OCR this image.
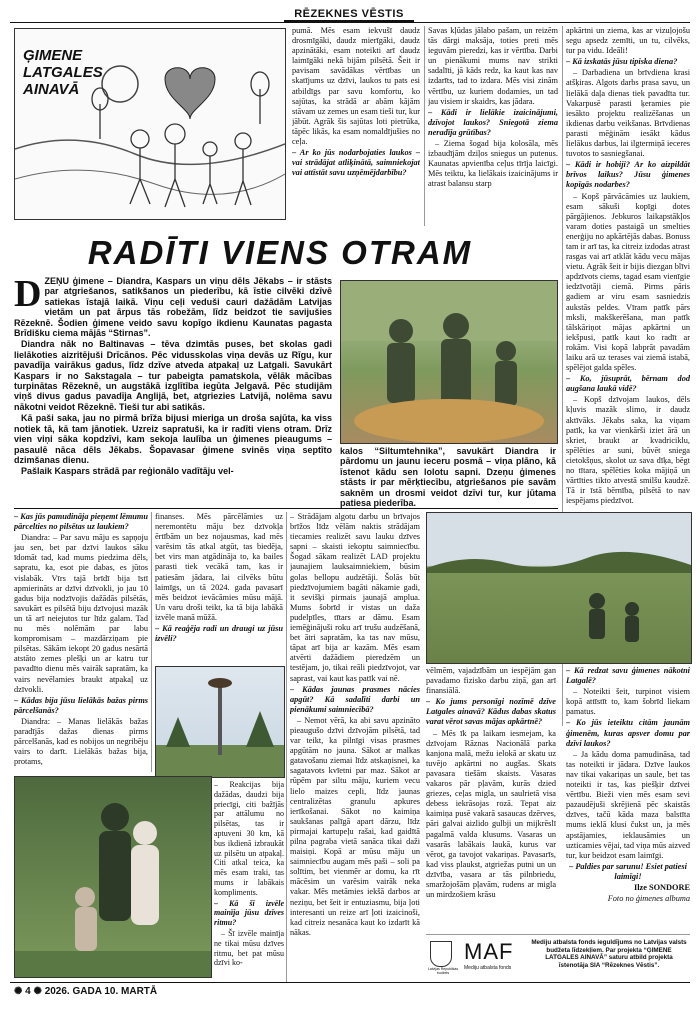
RĒZEKNES VĒSTIS
ĢIMENE
LATGALES
AINAVĀ

pumā. Mēs esam iekvušī daudz drosmīgāki, daudz mierīgāki, daudz apzinātāki, esam noteikti arī daudz laimīgāki nekā bijām pilsētā. Šeit ir pavisam savādākas vērtības un skatījums uz dzīvi, laukos tu pats esi atbildīgs par savu komfortu, ko sajūtas, ka strādā ar abām kājām stāvam uz zemes un esam tieši tur, kur jābūt. Agrāk šis sajūtas loti pietrūka, tāpēc likās, ka esam nomaldījušies no ceļa.

– Ar ko jūs nodarbojaties laukos – vai strādājat atliķinātā, saimniekojat vai attīstāt savu uzņēmējdarbību?

Savas kļūdas jālabo pašam, un reizēm tās dārgi maksāja, toties preti mēs ieguvām pieredzi, kas ir vērtība. Darbi un pienākumi mums nav strikti sadalīti, jā kāds redz, ka kaut kas nav izdarīts, tad to izdara. Mēs visi zinām vērtību, uz kuriem dodamies, un tad jau visiem ir skaidrs, kas jādara.

– Kādi ir lielākie izaicinājumi, dzīvojot laukos? Sniegotā ziema neradīja grūtības?

– Ziema šogad bija kolosāla, mēs izbaudījām dziļos sniegus un putenus. Kaunatas apvienība ceļus tīrīja laicīgi. Mēs teiktu, ka lielākais izaicinājums ir atrast balansu starp

apkārtni un ziema, kas ar vizuļojošu segu apsedz zemīti, un tu, cilvēks, tur pa vidu. Ideāli!

– Kā izskatās jūsu tipiska diena?

– Darbadiena un brīvdiena krasi atšķiras. Algots darbs prasa savu, un lielākā daļa dienas tiek pavadīta tur. Vakarpusē parasti ķeramies pie iesākto projektu realizēšanas un ikdienas darbu veikšanas. Brīvdienas parasti mēģinām iesākt kādus lielākus darbus, lai ilgtermiņā ieceres tuvotos to sasniegšanai.

– Kādi ir hobiji? Ar ko aizpildāt brīvos laikus? Jūsu ģimenes kopīgās nodarbes?

– Kopš pārvācāmies uz laukiem, esam sākuši kopīgi dotes pārgājienos. Jebkuros laikapstākļos varam doties pastaigā un smelties enerģiju no apkārtējās dabas. Bonuss tam ir arī tas, ka citreiz izdodas atrast rasgas vai arī atklāt kādu vecu mājas vietu. Agrāk šeit ir bijis diezgan blīvi apdzīvots ciems, tagad esam vienīgie iedzīvotāji ciemā. Pirms pāris gadiem ar viru esam sasniedzis aukstās peldes. Vīram patīk pārs mksli, makškerēšana, man patīk tālskāriņot mājas apkārtni un iekšpusi, patīk kaut ko radīt ar rokām. Visi kopā labprāt pavadām laiku arā uz terases vai ziemā istabā, spēlējot galda spēles.

– Ko, jūsuprāt, bērnam dod augšana laukā vidē?

– Kopš dzīvojam laukos, dēls kļuvis mazāk slimo, ir daudz aktīvāks. Jēkabs saka, ka viņam patīk, ka var vienkārši iziet ārā un skriet, braukt ar kvadriciklu, spēlēties ar suni, būvēt sniega cietokšņus, skolot uz sava dīķa, bēgt no tītara, spēlēties koka mājiņā un vārtīties tikto atvestā smilšu kaudzē. Tā ir īstā bērnība, pilsētā to nav iespējams piedzīvot.

RADĪTI VIENS OTRAM
D ZEŅU ģimene – Diandra, Kaspars un viņu dēls Jēkabs – ir stāsts par atgriešanos, satikšanos un piederību, kā īstie cilvēki dzīvē satiekas īstajā laikā. Viņu ceļi veduši cauri dažādām Latvijas vietām un pat ārpus tās robežām, līdz beidzot tie savijušies Rēzeknē. Šodien ģimene veido savu kopīgo ikdienu Kaunatas pagasta Brīdišku ciema mājās “Stirnas”.

Diandra nāk no Baltinavas – tēva dzimtās puses, bet skolas gadi lielākoties aizritējuši Drīcānos. Pēc vidusskolas viņa devās uz Rīgu, kur pavadīja vairākus gadus, līdz dzīve atveda atpakaļ uz Latgali. Savukārt Kaspars ir no Sakstagala – tur pabeigta pamatskola, vēlāk mācības turpinātas Rēzeknē, un augstākā izglītība iegūta Jelgavā. Pēc studijām viņš divus gadus pavadīja Anglijā, bet, atgriezies Latvijā, nolēma savu nākotni veidot Rēzeknē. Tieši tur abi satikās.

Kā paši saka, jau no pirmā brīža bijusi mieriga un droša sajūta, ka viss notiek tā, kā tam jānotiek. Uzreiz sapratuši, ka ir radīti viens otram. Drīz vien viņi sāka kopdzīvi, kam sekoja laulība un ģimenes pieaugums – pasaulē nāca dēls Jēkabs. Šopavasar ģimene svinēs viņa septīto dzimšanas dienu.

Pašlaik Kaspars strādā par reģionālo vadītāju vel-

kalos “Siltumtehnika”, savukārt Diandra ir pārdomu un jaunu ieceru posmā – viņa plāno, kā īstenot kādu sen lolotu sapni. Dzeņu ģimenes stāsts ir par mērķtiecību, atgriešanos pie savām saknēm un drosmi veidot dzīvi tur, kur jūtama patiesa piederība.

– Kas jūs pamudināja pieņemt lēmumu pārcelties no pilsētas uz laukiem?

Diandra: – Par savu māju es sapņoju jau sen, bet par dzīvi laukos sāku īdomāt tad, kad mums piedzima dēls, sapratu, ka, esot pie dabas, es jūtos vislabāk. Vīrs tajā brīdī bija īstī apmierināts ar dzīvi dzīvokli, jo jau 10 gadus bija nodzīvojis dažādās pilsētās, savukārt es pilsētā biju dzīvojusi mazāk un tā arī neiejutos tur līdz galam. Tad nu mēs nolēmām par labu kompromisam – mazdārziņam pie pilsētas. Sākām iekopt 20 gadus nesārtā atstāto zemes plešķi un ar katru tur pavadīto dienu mēs vairāk sapratām, ka vairs nevēlamies braukt atpakaļ uz dzīvokli.

– Kādas bija jūsu lielākās bažas pirms pārcelšanās?

Diandra: – Manas lielākās bažas paradījās dažas dienas pirms pārcelšanās, kad es nobijos un negribēju vairs to darīt. Lielākās bažas bija, protams,

finanses. Mēs pārcēlāmies uz neremontētu māju bez dzīvokļa ērtībām un bez nojausmas, kad mēs varēsim tās atkal atgūt, tas biedēja, bet virs man atgādināja to, ka bailes parasti tiek vecākā tam, kas ir patiesām jādara, lai cilvēks būtu laimīgs, un tā 2024. gada pavasarī mēs beidzot ievācāmies mūsu mājā. Un varu droši teikt, ka tā bija labākā izvēle manā mūžā.

– Kā reaģēja radi un draugi uz jūsu izvēli?

– Reakcijas bija dažādas, daudzi bija priecīgi, citi bažījās par attālumu no pilsētas, tas ir aptuveni 30 km, kā bus ikdienā izbraukāt uz pilsētu un atpakaļ. Citi atkal teica, ka mēs esam traki, tas mums ir labākais kompliments.

– Kā šī izvēle mainīja jūsu dzīves ritmu?

– Šī izvēle mainīja ne tikai mūsu dzīves ritmu, bet pat mūsu dzīvi ko-

– Strādājam algotu darbu un brīvajos brīžos līdz vēlām naktis strādājam tiecamies realizēt savu lauku dzīves sapni – skaisti iekoptu saimniecību. Šogad sākam realizēt LAD projektu jaunajiem lauksaimniekiem, būsim golas bellopu audzētāji. Šolās būt piedzīvojumiem bagāti nākamie gadi, it sevišķi pirmais jaunajā amplua. Mums šobrīd ir vistas un daža pudelpīles, tītars ar dāmu. Esam iemēģinājuši roku arī trušu audzēšanā, bet ātri sapratām, ka tas nav mūsu, tāpat arī bija ar kazām. Mēs esam atvērti dažādiem pieredzēm un testējam, jo, tikai reāli piedzīvojot, var saprast, vai kaut kas patīk vai nē.

– Kādas jaunas prasmes nācies apgūt? Kā sadalīti darbi un pienākumi saimniecībā?

– Nemot vērā, ka abi savu apzināto pieaugušo dzīvi dzīvojām pilsētā, tad var teikt, ka pilnīgi visas prasmes apgūtām no jauna. Sākot ar malkas gatavošanu ziemai līdz atskaņisnei, ka sagatavots kvīetni par maz. Sākot ar rūpēm par siltu māju, kuriem vecu lielo maizes cepli, līdz jaunas centralizētas granulu apkures ierīkošanai. Sākot no kaimiņa saukšanas palīgā apart dārzu, līdz pirmajai kartupeļu rašai, kad gaidītā pilna pagraba vietā sanāca tikai daži maisiņi. Kopā ar mūsu māju un saimniecību augam mēs paši – soli pa solītim, bet vienmēr ar domu, ka rīt mācēsim un varēsim vairāk neka vakar. Mēs metāmies iekšā darbos ar neziņu, bet šeit ir entuziasmu, bija ļoti interesanti un reize arī ļoti izaicinoši, kad citreiz nesanāca kaut ko izdarīt kā nākas.

vēlmēm, vajadzībām un iespējām gan pavadamo fizisko darbu ziņā, gan arī finansiālā.

– Ko jums personīgi nozīmē dzīve Latgales ainavā? Kādus dabas skatus varat vērot savas mājas apkārtnē?

– Mēs īk pa laikam iesmejam, ka dzīvojam Rāznas Nacionālā parka kanjona malā, mežu ielokā ar skatu uz tuvējo apkārtni no augšas. Skats pavasara tiešām skaists. Vasaras vakaros pār pļavām, kurās dzied griezes, ceļas migla, un saulrietā visa debess iekrāsojas rozā. Tepat aiz kaimiņa pusē vakarā sasaucas dzērves, pāri galvai aizlido gulbji un mijkrēslī pagalmā valda klusums. Vasaras un vasarās labākais laukā, kurus var vērot, ga tavojot vakariņas. Pavasarīs, kad viss plaukst, atgriežas putni un un dzīvība, vasara ar tās pilnbriedu, smaržojošām pļavām, rudens ar migla un mirdzošiem krāsu

– Kā redzat savu ģimenes nākotni Latgalē?

– Noteikti šeit, turpinot visiem kopā attīstīt to, kam šobrīd liekam pamatus.

– Ko jūs ieteiktu citām jaunām ģimenēm, kuras apsver domu par dzīvi laukos?

– Ja kādu doma pamudināsa, tad tas noteikti ir jādara. Dzīve laukos nav tikai vakariņas un saule, bet tas noteikti ir tas, kas piešķir dzīvei vērtību. Bieži vien mēs esam sevi pazaudējuši skrējienā pēc skaistās dzīves, tačū kāda maza balstīta mums ieklā klusi čukst un, ja mēs apstājamies, ieklausāmies un uzticamies vējai, tad viņa mūs aizved tur, kur beidzot esam laimīgi.

– Paldies par sarunu! Esiet patiesi laimīgi!

Ilze SONDORE

Foto no ģimenes albuma

Latvijas Republikas budžets
MAF
Mediju atbalsta fonds
Mediju atbalsta fonds ieguldījums no Latvijas valsts budžeta līdzekļiem. Par projekta “ĢIMENE LATGALES AINAVĀ” saturu atbild projekta īstenotāja SIA “Rēzeknes Vēstis”.
✺ 4 ✺ 2026. GADA 10. MARTĀ
